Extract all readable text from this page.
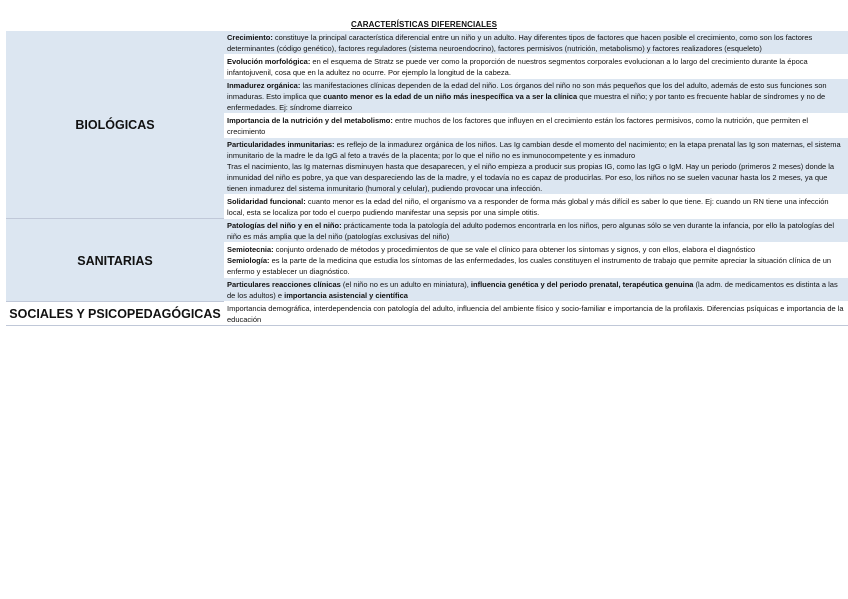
CARACTERÍSTICAS DIFERENCIALES
BIOLÓGICAS	Crecimiento: constituye la principal característica diferencial entre un niño y un adulto. Hay diferentes tipos de factores que hacen posible el crecimiento, como son los factores determinantes (código genético), factores reguladores (sistema neuroendocrino), factores permisivos (nutrición, metabolismo) y factores realizadores (esqueleto)
	Evolución morfológica: en el esquema de Stratz se puede ver como la proporción de nuestros segmentos corporales evolucionan a lo largo del crecimiento durante la época infantojuvenil, cosa que en la adultez no ocurre. Por ejemplo la longitud de la cabeza.
	Inmadurez orgánica: las manifestaciones clínicas dependen de la edad del niño. Los órganos del niño no son más pequeños que los del adulto, además de esto sus funciones son inmaduras. Esto implica que cuanto menor es la edad de un niño más inespecífica va a ser la clínica que muestra el niño; y por tanto es frecuente hablar de síndromes y no de enfermedades. Ej: síndrome diarreico
	Importancia de la nutrición y del metabolismo: entre muchos de los factores que influyen en el crecimiento están los factores permisivos, como la nutrición, que permiten el crecimiento
	Particularidades inmunitarias: es reflejo de la inmadurez orgánica de los niños. Las Ig cambian desde el momento del nacimiento; en la etapa prenatal las Ig son maternas, el sistema inmunitario de la madre le da IgG al feto a través de la placenta; por lo que el niño no es inmunocompetente y es inmaduro
Tras el nacimiento, las Ig maternas disminuyen hasta que desaparecen, y el niño empieza a producir sus propias IG, como las IgG o IgM. Hay un periodo (primeros 2 meses) donde la inmunidad del niño es pobre, ya que van despareciendo las de la madre, y el todavía no es capaz de producirlas. Por eso, los niños no se suelen vacunar hasta los 2 meses, ya que tienen inmadurez del sistema inmunitario (humoral y celular), pudiendo provocar una infección.

	Solidaridad funcional: cuanto menor es la edad del niño, el organismo va a responder de forma más global y más difícil es saber lo que tiene. Ej: cuando un RN tiene una infección local, esta se localiza por todo el cuerpo pudiendo manifestar una sepsis por una simple otitis.
SANITARIAS	Patologías del niño y en el niño: prácticamente toda la patología del adulto podemos encontrarla en los niños, pero algunas sólo se ven durante la infancia, por ello la patologías del niño es más amplia que la del niño (patologías exclusivas del niño)
	Semiotecnia: conjunto ordenado de métodos y procedimientos de que se vale el clínico para obtener los síntomas y signos, y con ellos, elabora el diagnóstico
Semiología: es la parte de la medicina que estudia los síntomas de las enfermedades, los cuales constituyen el instrumento de trabajo que permite apreciar la situación clínica de un enfermo y establecer un diagnóstico.

	Particulares reacciones clínicas (el niño no es un adulto en miniatura), influencia genética y del periodo prenatal, terapéutica genuina (la adm. de medicamentos es distinta a las de los adultos) e importancia asistencial y científica
SOCIALES Y PSICOPEDAGÓGICAS	Importancia demográfica, interdependencia con patología del adulto, influencia del ambiente físico y socio-familiar e importancia de la profilaxis. Diferencias psíquicas e importancia de la educación
